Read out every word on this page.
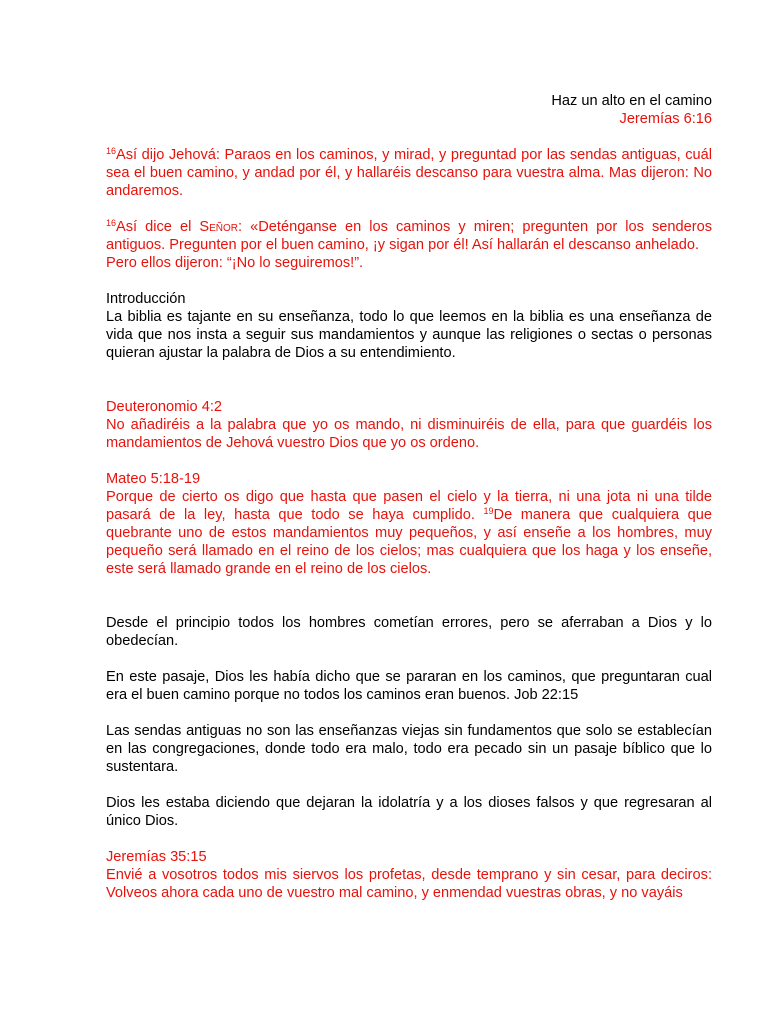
Haz un alto en el camino

Jeremías 6:16

$^{16}$Así dijo Jehová: Paraos en los caminos, y mirad, y preguntad por las sendas antiguas, cuál sea el buen camino, y andad por él, y hallaréis descanso para vuestra alma. Mas dijeron: No andaremos.

$^{16}$Así dice el Señor: «Deténganse en los caminos y miren; pregunten por los senderos antiguos. Pregunten por el buen camino, ¡y sigan por él! Así hallarán el descanso anhelado.

Pero ellos dijeron: “¡No lo seguiremos!”.

Introducción

La biblia es tajante en su enseñanza, todo lo que leemos en la biblia es una enseñanza de vida que nos insta a seguir sus mandamientos y aunque las religiones o sectas o personas quieran ajustar la palabra de Dios a su entendimiento.

Deuteronomio 4:2

No añadiréis a la palabra que yo os mando, ni disminuiréis de ella, para que guardéis los mandamientos de Jehová vuestro Dios que yo os ordeno.

Mateo 5:18-19

Porque de cierto os digo que hasta que pasen el cielo y la tierra, ni una jota ni una tilde pasará de la ley, hasta que todo se haya cumplido. $^{19}$De manera que cualquiera que quebrante uno de estos mandamientos muy pequeños, y así enseñe a los hombres, muy pequeño será llamado en el reino de los cielos; mas cualquiera que los haga y los enseñe, este será llamado grande en el reino de los cielos.

Desde el principio todos los hombres cometían errores, pero se aferraban a Dios y lo obedecían.

En este pasaje, Dios les había dicho que se pararan en los caminos, que preguntaran cual era el buen camino porque no todos los caminos eran buenos. Job 22:15

Las sendas antiguas no son las enseñanzas viejas sin fundamentos que solo se establecían en las congregaciones, donde todo era malo, todo era pecado sin un pasaje bíblico que lo sustentara.

Dios les estaba diciendo que dejaran la idolatría y a los dioses falsos y que regresaran al único Dios.

Jeremías 35:15

Envié a vosotros todos mis siervos los profetas, desde temprano y sin cesar, para deciros: Volveos ahora cada uno de vuestro mal camino, y enmendad vuestras obras, y no vayáis
